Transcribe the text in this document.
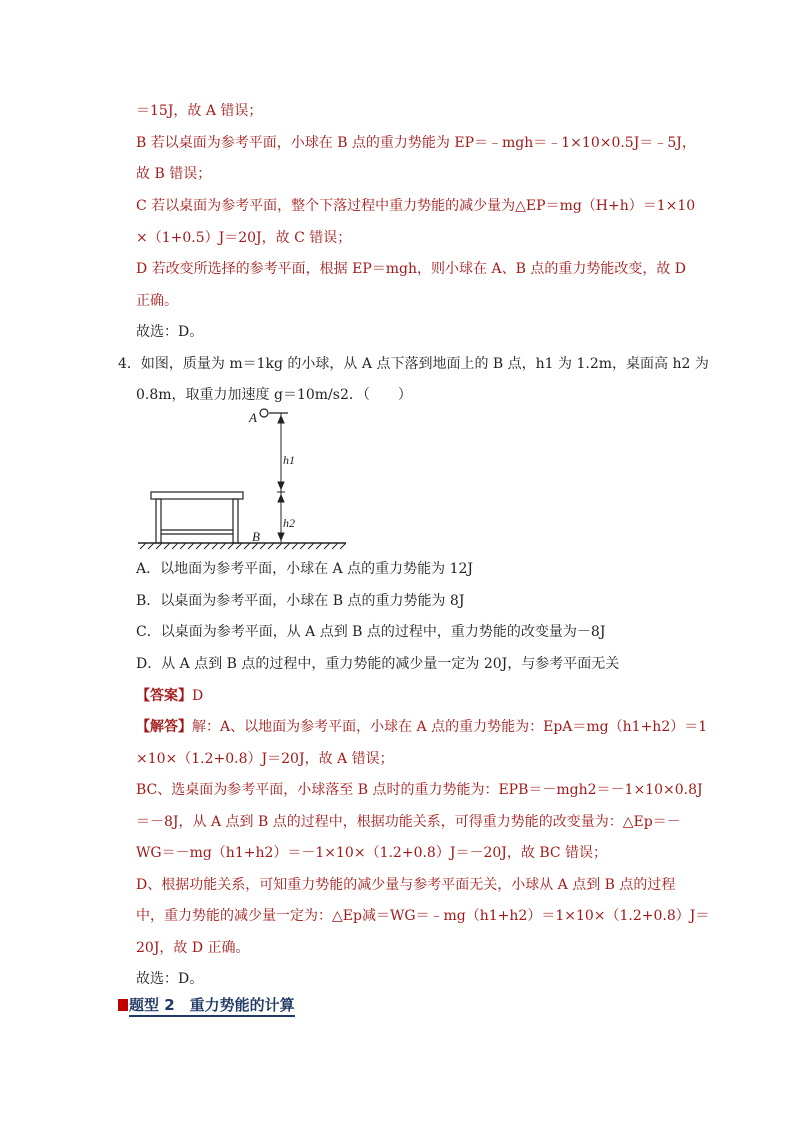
＝15J，故 A 错误；
B 若以桌面为参考平面，小球在 B 点的重力势能为 EP＝﹣mgh＝﹣1×10×0.5J＝﹣5J，
故 B 错误；
C 若以桌面为参考平面，整个下落过程中重力势能的减少量为△EP＝mg（H+h）＝1×10
×（1+0.5）J＝20J，故 C 错误；
D 若改变所选择的参考平面，根据 EP＝mgh，则小球在 A、B 点的重力势能改变，故 D
正确。
故选：D。
4．如图，质量为 m＝1kg 的小球，从 A 点下落到地面上的 B 点，h1 为 1.2m，桌面高 h2 为
0.8m，取重力加速度 g＝10m/s2．（　　）
A
B
h1
h2
A．以地面为参考平面，小球在 A 点的重力势能为 12J
B．以桌面为参考平面，小球在 B 点的重力势能为 8J
C．以桌面为参考平面，从 A 点到 B 点的过程中，重力势能的改变量为－8J
D．从 A 点到 B 点的过程中，重力势能的减少量一定为 20J，与参考平面无关
【答案】D
【解答】解：A、以地面为参考平面，小球在 A 点的重力势能为：EpA＝mg（h1+h2）＝1
×10×（1.2+0.8）J＝20J，故 A 错误；
BC、选桌面为参考平面，小球落至 B 点时的重力势能为：EPB＝－mgh2＝－1×10×0.8J
＝－8J，从 A 点到 B 点的过程中，根据功能关系，可得重力势能的改变量为：△Ep＝－
WG＝－mg（h1+h2）＝－1×10×（1.2+0.8）J＝－20J，故 BC 错误；
D、根据功能关系，可知重力势能的减少量与参考平面无关，小球从 A 点到 B 点的过程
中，重力势能的减少量一定为：△Ep减＝WG＝﹣mg（h1+h2）＝1×10×（1.2+0.8）J＝
20J，故 D 正确。
故选：D。
题型 2　重力势能的计算
